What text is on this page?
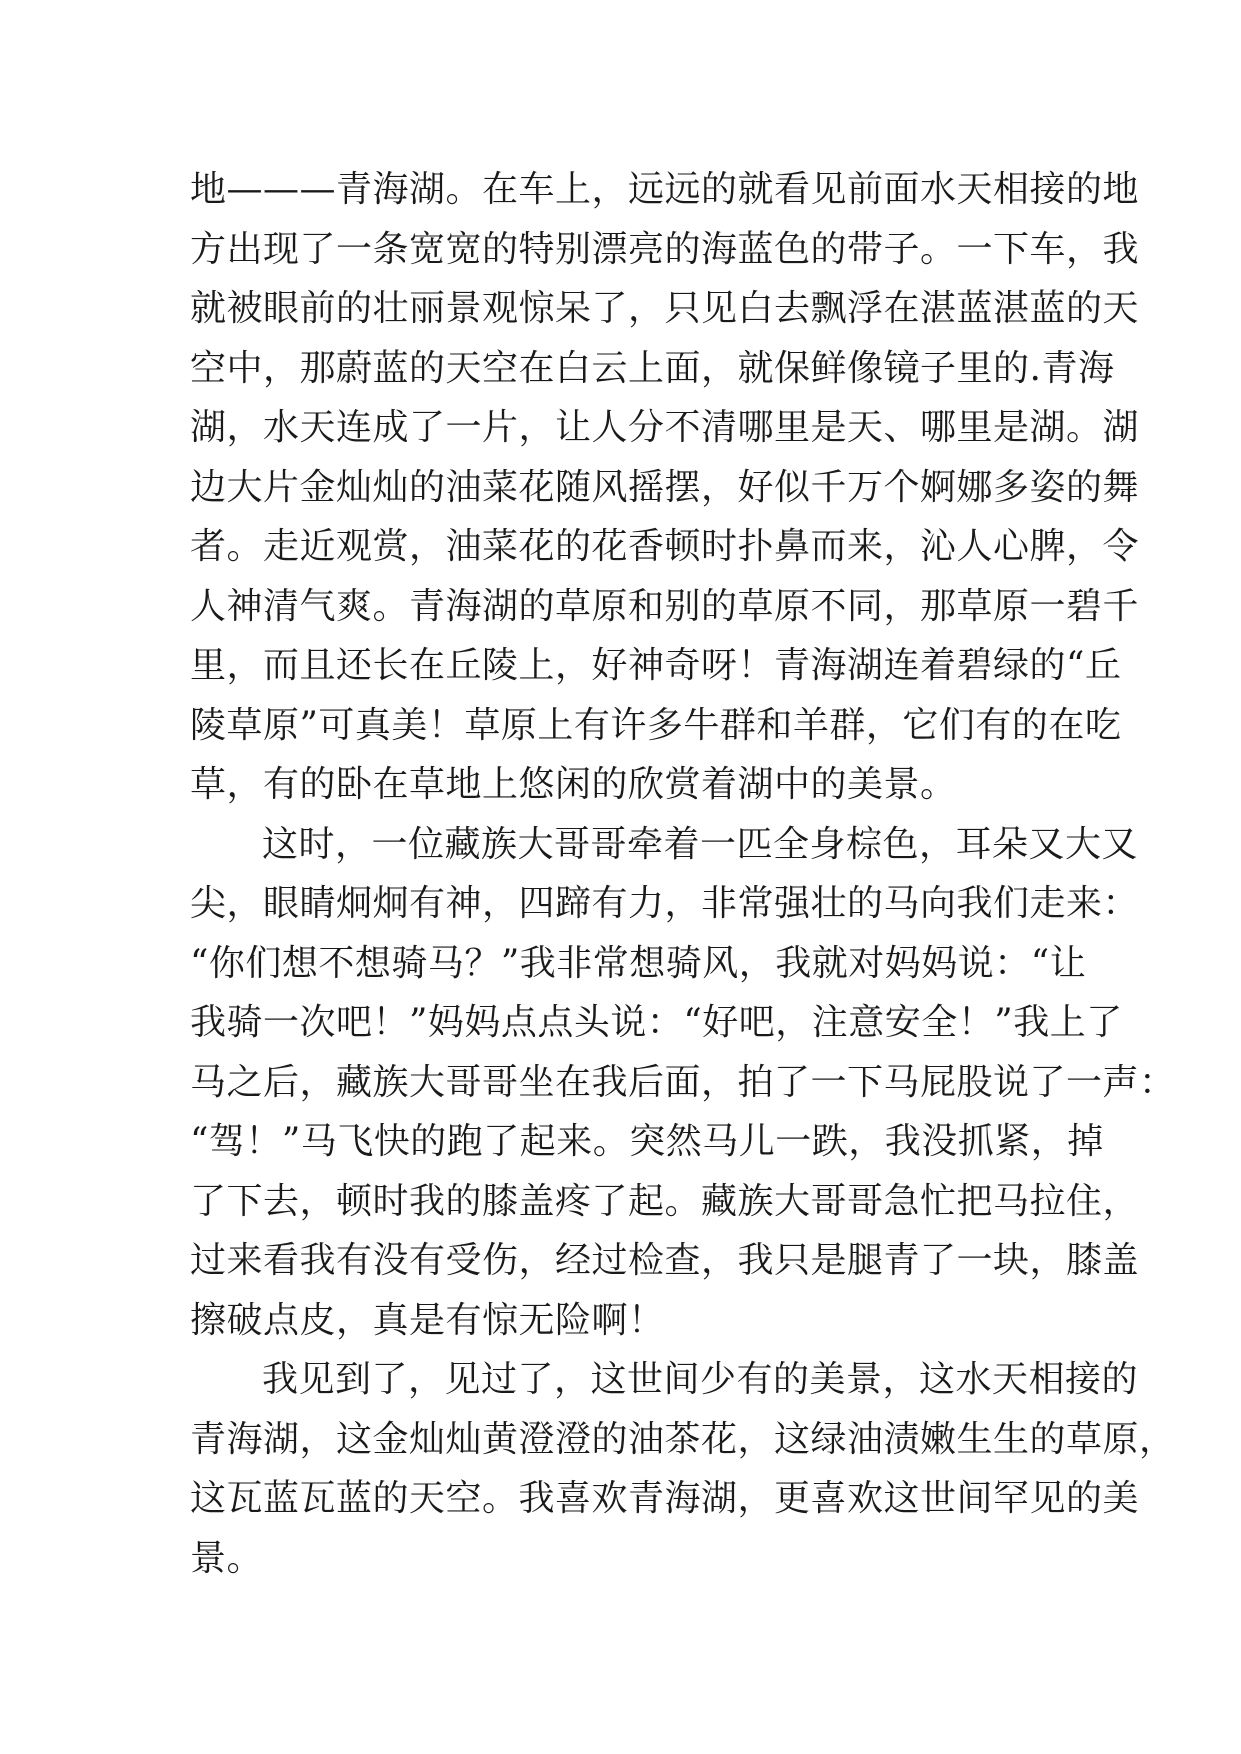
地———青海湖。在车上，远远的就看见前面水天相接的地
方出现了一条宽宽的特别漂亮的海蓝色的带子。一下车，我
就被眼前的壮丽景观惊呆了，只见白去飘浮在湛蓝湛蓝的天
空中，那蔚蓝的天空在白云上面，就保鲜像镜子里的.青海
湖，水天连成了一片，让人分不清哪里是天、哪里是湖。湖
边大片金灿灿的油菜花随风摇摆，好似千万个婀娜多姿的舞
者。走近观赏，油菜花的花香顿时扑鼻而来，沁人心脾，令
人神清气爽。青海湖的草原和别的草原不同，那草原一碧千
里，而且还长在丘陵上，好神奇呀！青海湖连着碧绿的“丘
陵草原”可真美！草原上有许多牛群和羊群，它们有的在吃
草，有的卧在草地上悠闲的欣赏着湖中的美景。
这时，一位藏族大哥哥牵着一匹全身棕色，耳朵又大又
尖，眼睛炯炯有神，四蹄有力，非常强壮的马向我们走来：
“你们想不想骑马？”我非常想骑风，我就对妈妈说：“让
我骑一次吧！”妈妈点点头说：“好吧，注意安全！”我上了
马之后，藏族大哥哥坐在我后面，拍了一下马屁股说了一声：
“驾！”马飞快的跑了起来。突然马儿一跌，我没抓紧，掉
了下去，顿时我的膝盖疼了起。藏族大哥哥急忙把马拉住，
过来看我有没有受伤，经过检查，我只是腿青了一块，膝盖
擦破点皮，真是有惊无险啊！
我见到了，见过了，这世间少有的美景，这水天相接的
青海湖，这金灿灿黄澄澄的油茶花，这绿油渍嫩生生的草原，
这瓦蓝瓦蓝的天空。我喜欢青海湖，更喜欢这世间罕见的美
景。
